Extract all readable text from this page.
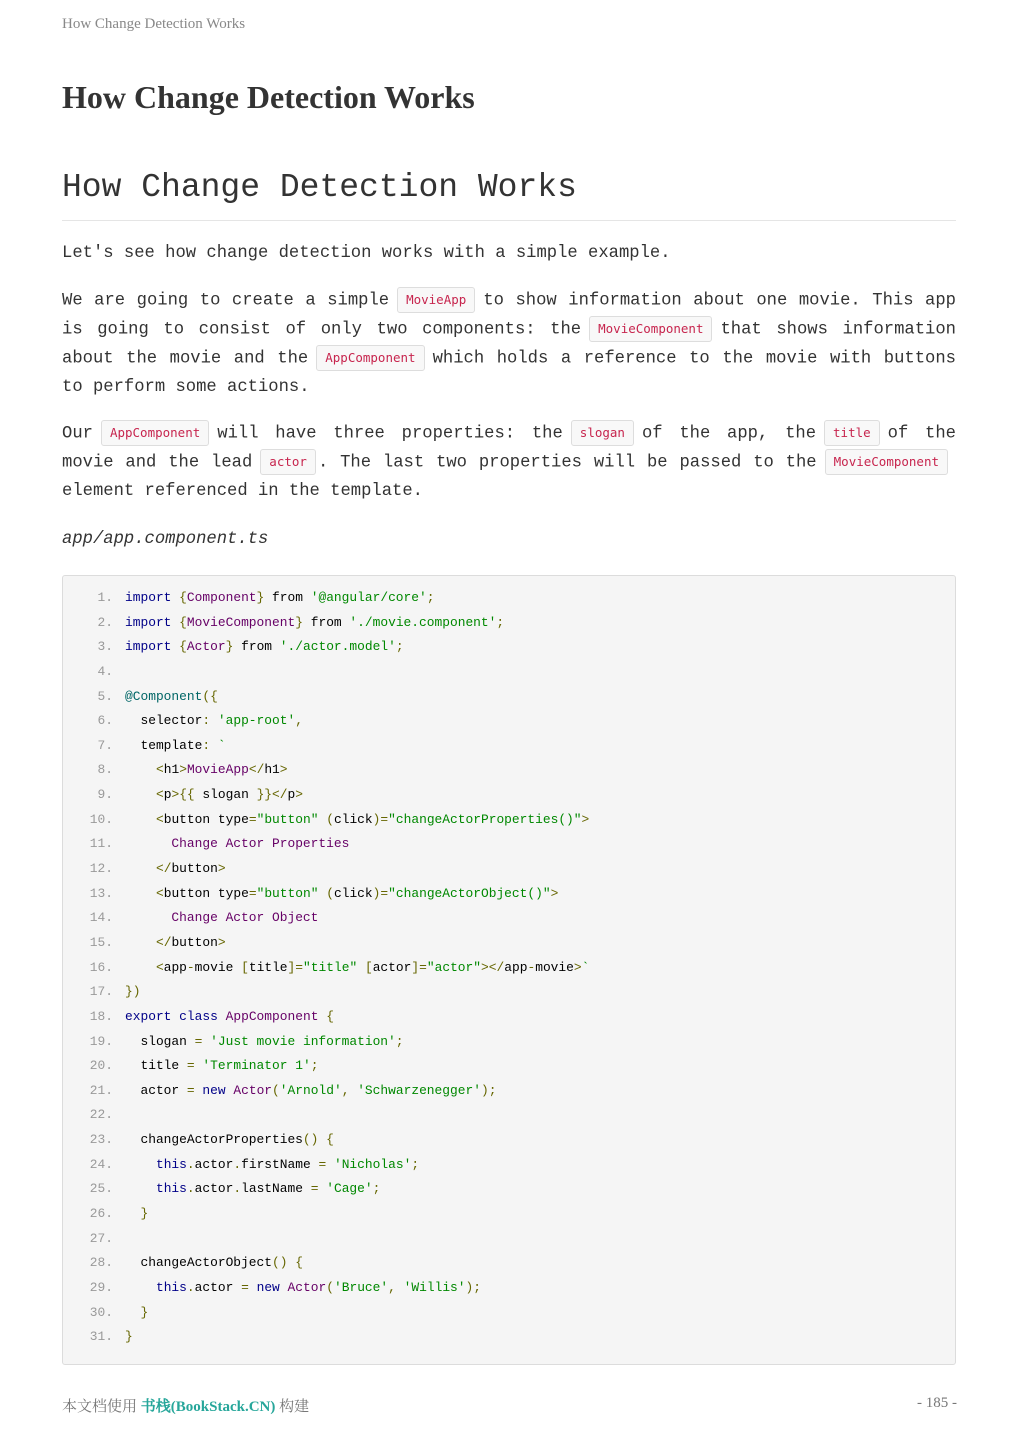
How Change Detection Works
How Change Detection Works
How Change Detection Works

Let's see how change detection works with a simple example.

We are going to create a simple MovieApp to show information about one movie. This app is going to consist of only two components: the MovieComponent that shows information about the movie and the AppComponent which holds a reference to the movie with buttons to perform some actions.

Our AppComponent will have three properties: the slogan of the app, the title of the movie and the lead actor . The last two properties will be passed to the MovieComponentelement referenced in the template.

app/app.component.ts

1. import {Component} from '@angular/core';
2. import {MovieComponent} from './movie.component';
3. import {Actor} from './actor.model';
4.
5. @Component({
6.  selector: 'app-root',
7.  template: `
8.	<h1>MovieApp</h1>
9.	<p>{{ slogan }}</p>
10.	<button type="button" (click)="changeActorProperties()">
11.	Change Actor Properties
12.	</button>
13.	<button type="button" (click)="changeActorObject()">
14.	Change Actor Object
15.	</button>
16.	<app-movie [title]="title" [actor]="actor"></app-movie>`
17. })
18. export class AppComponent {
19.  slogan = 'Just movie information';
20.  title = 'Terminator 1';
21.  actor = new Actor('Arnold', 'Schwarzenegger');
22.
23.  changeActorProperties() {
24.	this.actor.firstName = 'Nicholas';
25.	this.actor.lastName = 'Cage';
26. }
27.
28.  changeActorObject() {
29.	this.actor = new Actor('Bruce', 'Willis');
30. }
31. }
本文档使用 书栈(BookStack.CN) 构建	- 185 -
